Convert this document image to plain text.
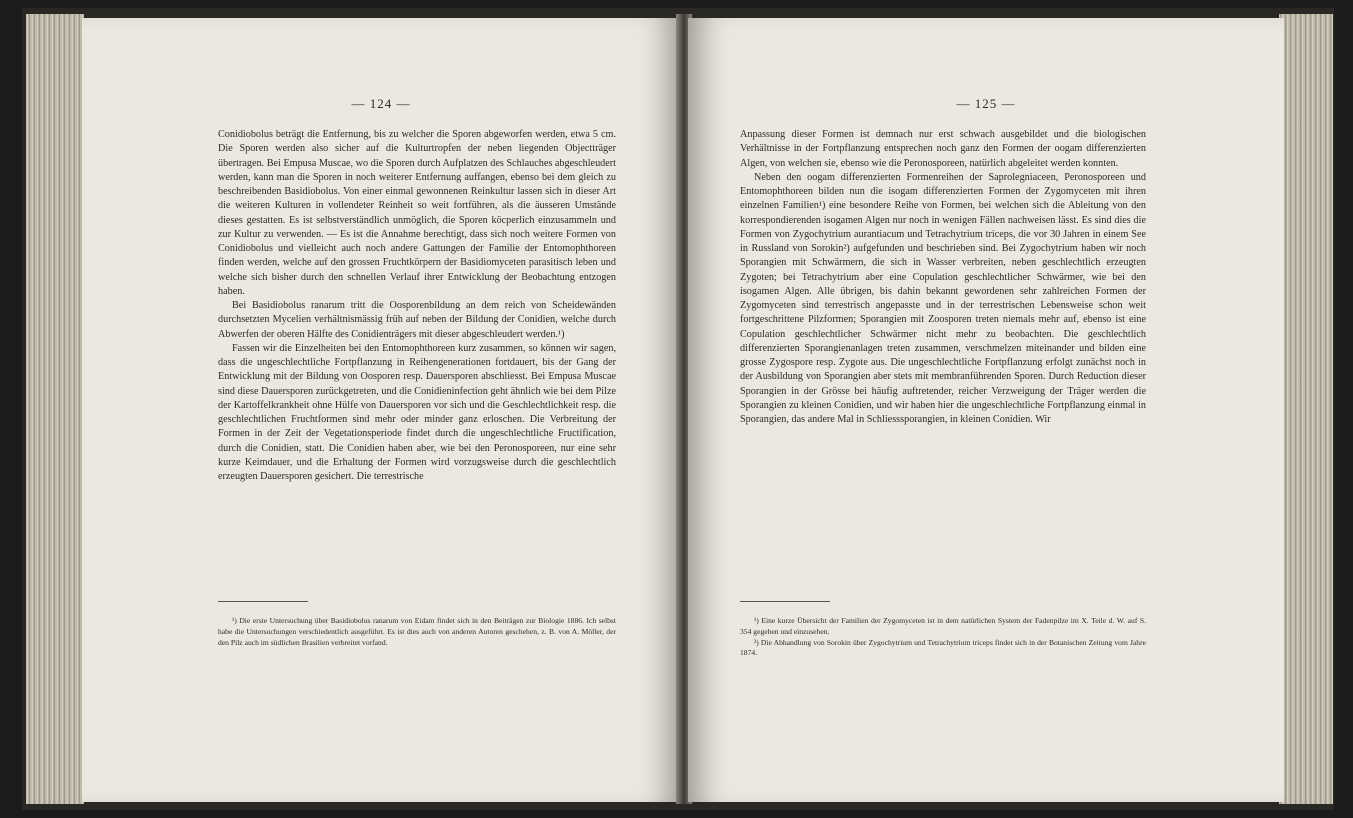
— 124 —

Conidiobolus beträgt die Entfernung, bis zu welcher die Sporen abgeworfen werden, etwa 5 cm. Die Sporen werden also sicher auf die Kulturtropfen der neben liegenden Objectträger übertragen. Bei Empusa Muscae, wo die Sporen durch Aufplatzen des Schlauches abgeschleudert werden, kann man die Sporen in noch weiterer Entfernung auffangen, ebenso bei dem gleich zu beschreibenden Basidiobolus. Von einer einmal gewonnenen Reinkultur lassen sich in dieser Art die weiteren Kulturen in vollendeter Reinheit so weit fortführen, als die äusseren Umstände dieses gestatten. Es ist selbstverständlich unmöglich, die Sporen köcperlich einzusammeln und zur Kultur zu verwenden. — Es ist die Annahme berechtigt, dass sich noch weitere Formen von Conidiobolus und vielleicht auch noch andere Gattungen der Familie der Entomophthoreen finden werden, welche auf den grossen Fruchtkörpern der Basidiomyceten parasitisch leben und welche sich bisher durch den schnellen Verlauf ihrer Entwicklung der Beobachtung entzogen haben.

Bei Basidiobolus ranarum tritt die Oosporenbildung an dem reich von Scheidewänden durchsetzten Mycelien verhältnismässig früh auf neben der Bildung der Conidien, welche durch Abwerfen der oberen Hälfte des Conidienträgers mit dieser abgeschleudert werden.¹)

Fassen wir die Einzelheiten bei den Entomophthoreen kurz zusammen, so können wir sagen, dass die ungeschlechtliche Fortpflanzung in Reihengenerationen fortdauert, bis der Gang der Entwicklung mit der Bildung von Oosporen resp. Dauersporen abschliesst. Bei Empusa Muscae sind diese Dauersporen zurückgetreten, und die Conidieninfection geht ähnlich wie bei dem Pilze der Kartoffelkrankheit ohne Hülfe von Dauersporen vor sich und die Geschlechtlichkeit resp. die geschlechtlichen Fruchtformen sind mehr oder minder ganz erloschen. Die Verbreitung der Formen in der Zeit der Vegetationsperiode findet durch die ungeschlechtliche Fructification, durch die Conidien, statt. Die Conidien haben aber, wie bei den Peronosporeen, nur eine sehr kurze Keimdauer, und die Erhaltung der Formen wird vorzugsweise durch die geschlechtlich erzeugten Dauersporen gesichert. Die terrestrische

¹) Die erste Untersuchung über Basidiobolus ranarum von Eidam findet sich in den Beiträgen zur Biologie 1886. Ich selbst habe die Untersuchungen verschiedentlich ausgeführt. Es ist dies auch von anderen Autoren geschehen, z. B. von A. Möller, der den Pilz auch im südlichen Brasilien verbreitet vorfand.

— 125 —

Anpassung dieser Formen ist demnach nur erst schwach ausgebildet und die biologischen Verhältnisse in der Fortpflanzung entsprechen noch ganz den Formen der oogam differenzierten Algen, von welchen sie, ebenso wie die Peronosporeen, natürlich abgeleitet werden konnten.

Neben den oogam differenzierten Formenreihen der Saprolegniaceen, Peronosporeen und Entomophthoreen bilden nun die isogam differenzierten Formen der Zygomyceten mit ihren einzelnen Familien¹) eine besondere Reihe von Formen, bei welchen sich die Ableitung von den korrespondierenden isogamen Algen nur noch in wenigen Fällen nachweisen lässt. Es sind dies die Formen von Zygochytrium aurantiacum und Tetrachytrium triceps, die vor 30 Jahren in einem See in Russland von Sorokin²) aufgefunden und beschrieben sind. Bei Zygochytrium haben wir noch Sporangien mit Schwärmern, die sich in Wasser verbreiten, neben geschlechtlich erzeugten Zygoten; bei Tetrachytrium aber eine Copulation geschlechtlicher Schwärmer, wie bei den isogamen Algen. Alle übrigen, bis dahin bekannt gewordenen sehr zahlreichen Formen der Zygomyceten sind terrestrisch angepasste und in der terrestrischen Lebensweise schon weit fortgeschrittene Pilzformen; Sporangien mit Zoosporen treten niemals mehr auf, ebenso ist eine Copulation geschlechtlicher Schwärmer nicht mehr zu beobachten. Die geschlechtlich differenzierten Sporangienanlagen treten zusammen, verschmelzen miteinander und bilden eine grosse Zygospore resp. Zygote aus. Die ungeschlechtliche Fortpflanzung erfolgt zunächst noch in der Ausbildung von Sporangien aber stets mit membranführenden Sporen. Durch Reduction dieser Sporangien in der Grösse bei häufig auftretender, reicher Verzweigung der Träger werden die Sporangien zu kleinen Conidien, und wir haben hier die ungeschlechtliche Fortpflanzung einmal in Sporangien, das andere Mal in Schliesssporangien, in kleinen Conidien. Wir

¹) Eine kurze Übersicht der Familien der Zygomyceten ist in dem natürlichen System der Fadenpilze im X. Teile d. W. auf S. 354 gegeben und einzusehen.

²) Die Abhandlung von Sorokin über Zygochytrium und Tetrachytrium triceps findet sich in der Botanischen Zeitung vom Jahre 1874.
